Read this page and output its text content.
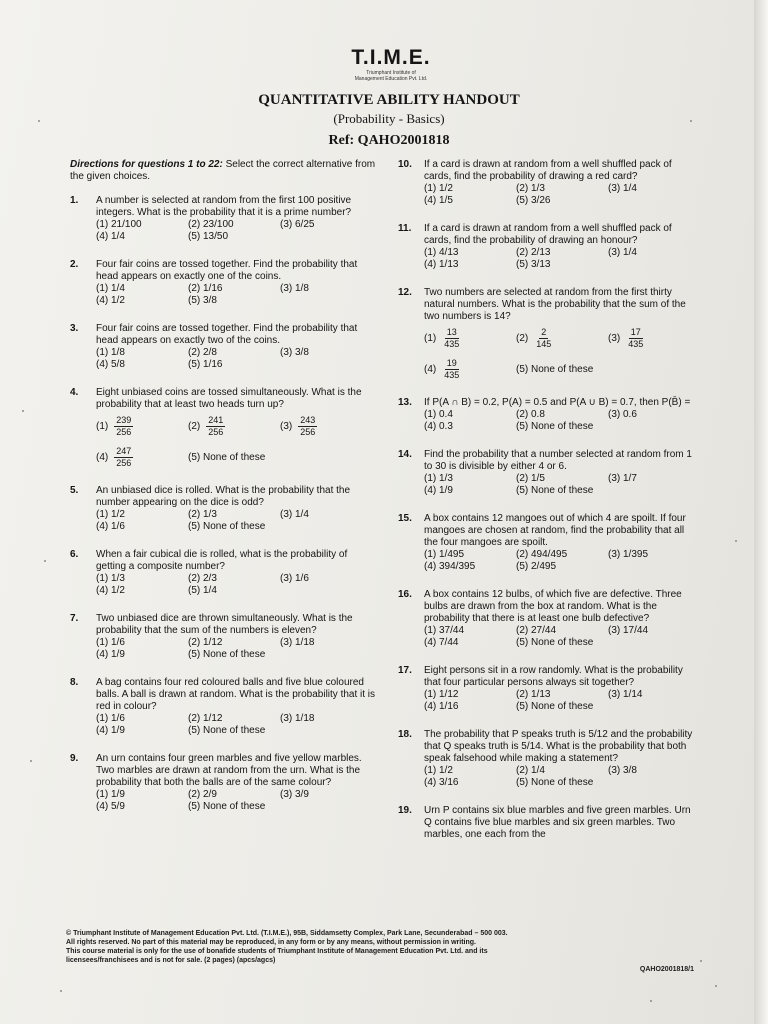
T.I.M.E.
Triumphant Institute of
Management Education Pvt. Ltd.
QUANTITATIVE ABILITY HANDOUT
(Probability - Basics)
Ref: QAHO2001818
Directions for questions 1 to 22: Select the correct alternative from the given choices.
1. A number is selected at random from the first 100 positive integers. What is the probability that it is a prime number?
(1) 21/100	(2) 23/100	(3) 6/25
(4) 1/4	(5) 13/50
2. Four fair coins are tossed together. Find the probability that head appears on exactly one of the coins.
(1) 1/4	(2) 1/16	(3) 1/8
(4) 1/2	(5) 3/8
3. Four fair coins are tossed together. Find the probability that head appears on exactly two of the coins.
(1) 1/8	(2) 2/8	(3) 3/8
(4) 5/8	(5) 1/16
4. Eight unbiased coins are tossed simultaneously. What is the probability that at least two heads turn up?
$(1) \frac{239}{256}$	$(2) \frac{241}{256}$	$(3) \frac{243}{256}$
$(4) \frac{247}{256}$	(5) None of these
5. An unbiased dice is rolled. What is the probability that the number appearing on the dice is odd?
(1) 1/2	(2) 1/3	(3) 1/4
(4) 1/6	(5) None of these
6. When a fair cubical die is rolled, what is the probability of getting a composite number?
(1) 1/3	(2) 2/3	(3) 1/6
(4) 1/2	(5) 1/4
7. Two unbiased dice are thrown simultaneously. What is the probability that the sum of the numbers is eleven?
(1) 1/6	(2) 1/12	(3) 1/18
(4) 1/9	(5) None of these
8. A bag contains four red coloured balls and five blue coloured balls. A ball is drawn at random. What is the probability that it is red in colour?
(1) 1/6	(2) 1/12	(3) 1/18
(4) 1/9	(5) None of these
9. An urn contains four green marbles and five yellow marbles. Two marbles are drawn at random from the urn. What is the probability that both the balls are of the same colour?
(1) 1/9	(2) 2/9	(3) 3/9
(4) 5/9	(5) None of these
10. If a card is drawn at random from a well shuffled pack of cards, find the probability of drawing a red card?
(1) 1/2	(2) 1/3	(3) 1/4
(4) 1/5	(5) 3/26
11. If a card is drawn at random from a well shuffled pack of cards, find the probability of drawing an honour?
(1) 4/13	(2) 2/13	(3) 1/4
(4) 1/13	(5) 3/13
12. Two numbers are selected at random from the first thirty natural numbers. What is the probability that the sum of the two numbers is 14?
$(1) \frac{13}{435}$	$(2) \frac{2}{145}$	$(3) \frac{17}{435}$
$(4) \frac{19}{435}$	(5) None of these
13. If P(A ∩ B) = 0.2, P(A) = 0.5 and P(A ∪ B) = 0.7, then P(B̄) =
(1) 0.4	(2) 0.8	(3) 0.6
(4) 0.3	(5) None of these
14. Find the probability that a number selected at random from 1 to 30 is divisible by either 4 or 6.
(1) 1/3	(2) 1/5	(3) 1/7
(4) 1/9	(5) None of these
15. A box contains 12 mangoes out of which 4 are spoilt. If four mangoes are chosen at random, find the probability that all the four mangoes are spoilt.
(1) 1/495	(2) 494/495	(3) 1/395
(4) 394/395	(5) 2/495
16. A box contains 12 bulbs, of which five are defective. Three bulbs are drawn from the box at random. What is the probability that there is at least one bulb defective?
(1) 37/44	(2) 27/44	(3) 17/44
(4) 7/44	(5) None of these
17. Eight persons sit in a row randomly. What is the probability that four particular persons always sit together?
(1) 1/12	(2) 1/13	(3) 1/14
(4) 1/16	(5) None of these
18. The probability that P speaks truth is 5/12 and the probability that Q speaks truth is 5/14. What is the probability that both speak falsehood while making a statement?
(1) 1/2	(2) 1/4	(3) 3/8
(4) 3/16	(5) None of these
19. Urn P contains six blue marbles and five green marbles. Urn Q contains five blue marbles and six green marbles. Two marbles, one each from the
© Triumphant Institute of Management Education Pvt. Ltd. (T.I.M.E.), 95B, Siddamsetty Complex, Park Lane, Secunderabad – 500 003.
All rights reserved. No part of this material may be reproduced, in any form or by any means, without permission in writing.
This course material is only for the use of bonafide students of Triumphant Institute of Management Education Pvt. Ltd. and its
licensees/franchisees and is not for sale. (2 pages) (apcs/agcs)
QAHO2001818/1
